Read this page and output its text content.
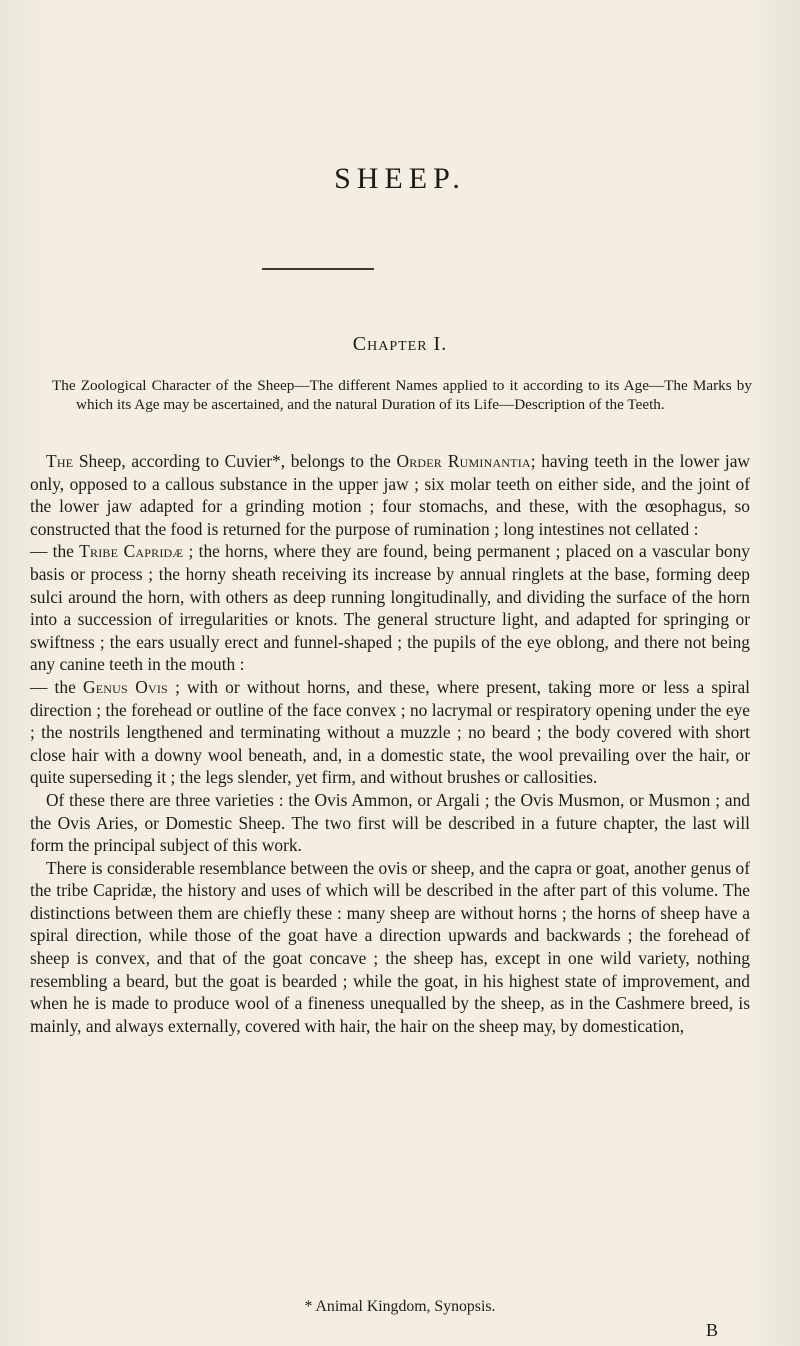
SHEEP.
Chapter I.
The Zoological Character of the Sheep—The different Names applied to it according to its Age—The Marks by which its Age may be ascertained, and the natural Duration of its Life—Description of the Teeth.

The Sheep, according to Cuvier*, belongs to the Order Ruminantia; having teeth in the lower jaw only, opposed to a callous substance in the upper jaw ; six molar teeth on either side, and the joint of the lower jaw adapted for a grinding motion ; four stomachs, and these, with the œsophagus, so constructed that the food is returned for the purpose of rumination ; long intestines not cellated :

— the Tribe Capridæ ; the horns, where they are found, being permanent ; placed on a vascular bony basis or process ; the horny sheath receiving its increase by annual ringlets at the base, forming deep sulci around the horn, with others as deep running longitudinally, and dividing the surface of the horn into a succession of irregularities or knots. The general structure light, and adapted for springing or swiftness ; the ears usually erect and funnel-shaped ; the pupils of the eye oblong, and there not being any canine teeth in the mouth :

— the Genus Ovis ; with or without horns, and these, where present, taking more or less a spiral direction ; the forehead or outline of the face convex ; no lacrymal or respiratory opening under the eye ; the nostrils lengthened and terminating without a muzzle ; no beard ; the body covered with short close hair with a downy wool beneath, and, in a domestic state, the wool prevailing over the hair, or quite superseding it ; the legs slender, yet firm, and without brushes or callosities.

Of these there are three varieties : the Ovis Ammon, or Argali ; the Ovis Musmon, or Musmon ; and the Ovis Aries, or Domestic Sheep. The two first will be described in a future chapter, the last will form the principal subject of this work.

There is considerable resemblance between the ovis or sheep, and the capra or goat, another genus of the tribe Capridæ, the history and uses of which will be described in the after part of this volume. The distinctions between them are chiefly these : many sheep are without horns ; the horns of sheep have a spiral direction, while those of the goat have a direction upwards and backwards ; the forehead of sheep is convex, and that of the goat concave ; the sheep has, except in one wild variety, nothing resembling a beard, but the goat is bearded ; while the goat, in his highest state of improvement, and when he is made to produce wool of a fineness unequalled by the sheep, as in the Cashmere breed, is mainly, and always externally, covered with hair, the hair on the sheep may, by domestication,

* Animal Kingdom, Synopsis.
B
